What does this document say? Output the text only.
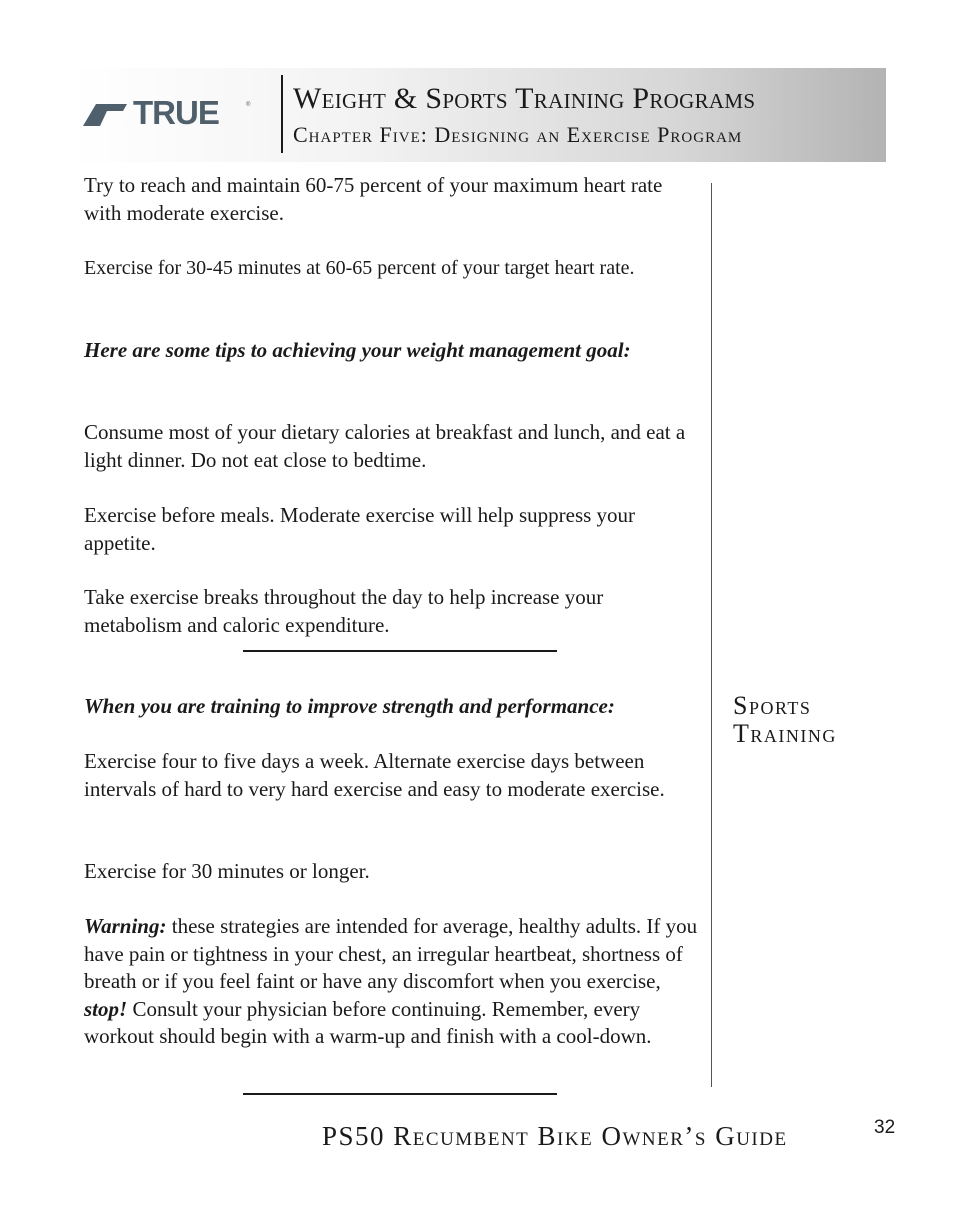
TRUE	® Weight & Sports Training Programs
Chapter Five: Designing an Exercise Program

Try to reach and maintain 60-75 percent of your maximum heart rate with moderate exercise.

Exercise for 30-45 minutes at 60-65 percent of your target heart rate.

Here are some tips to achieving your weight management goal:

Consume most of your dietary calories at breakfast and lunch, and eat a light dinner. Do not eat close to bedtime.

Exercise before meals. Moderate exercise will help suppress your appetite.

Take exercise breaks throughout the day to help increase your metabolism and caloric expenditure.

When you are training to improve strength and performance:	Sports
Training

Exercise four to five days a week. Alternate exercise days between intervals of hard to very hard exercise and easy to moderate exercise.

Exercise for 30 minutes or longer.

Warning: these strategies are intended for average, healthy adults. If you have pain or tightness in your chest, an irregular heartbeat, shortness of breath or if you feel faint or have any discomfort when you exercise, stop! Consult your physician before continuing. Remember, every workout should begin with a warm-up and finish with a cool-down.

PS50 Recumbent Bike Owner’s Guide	32
